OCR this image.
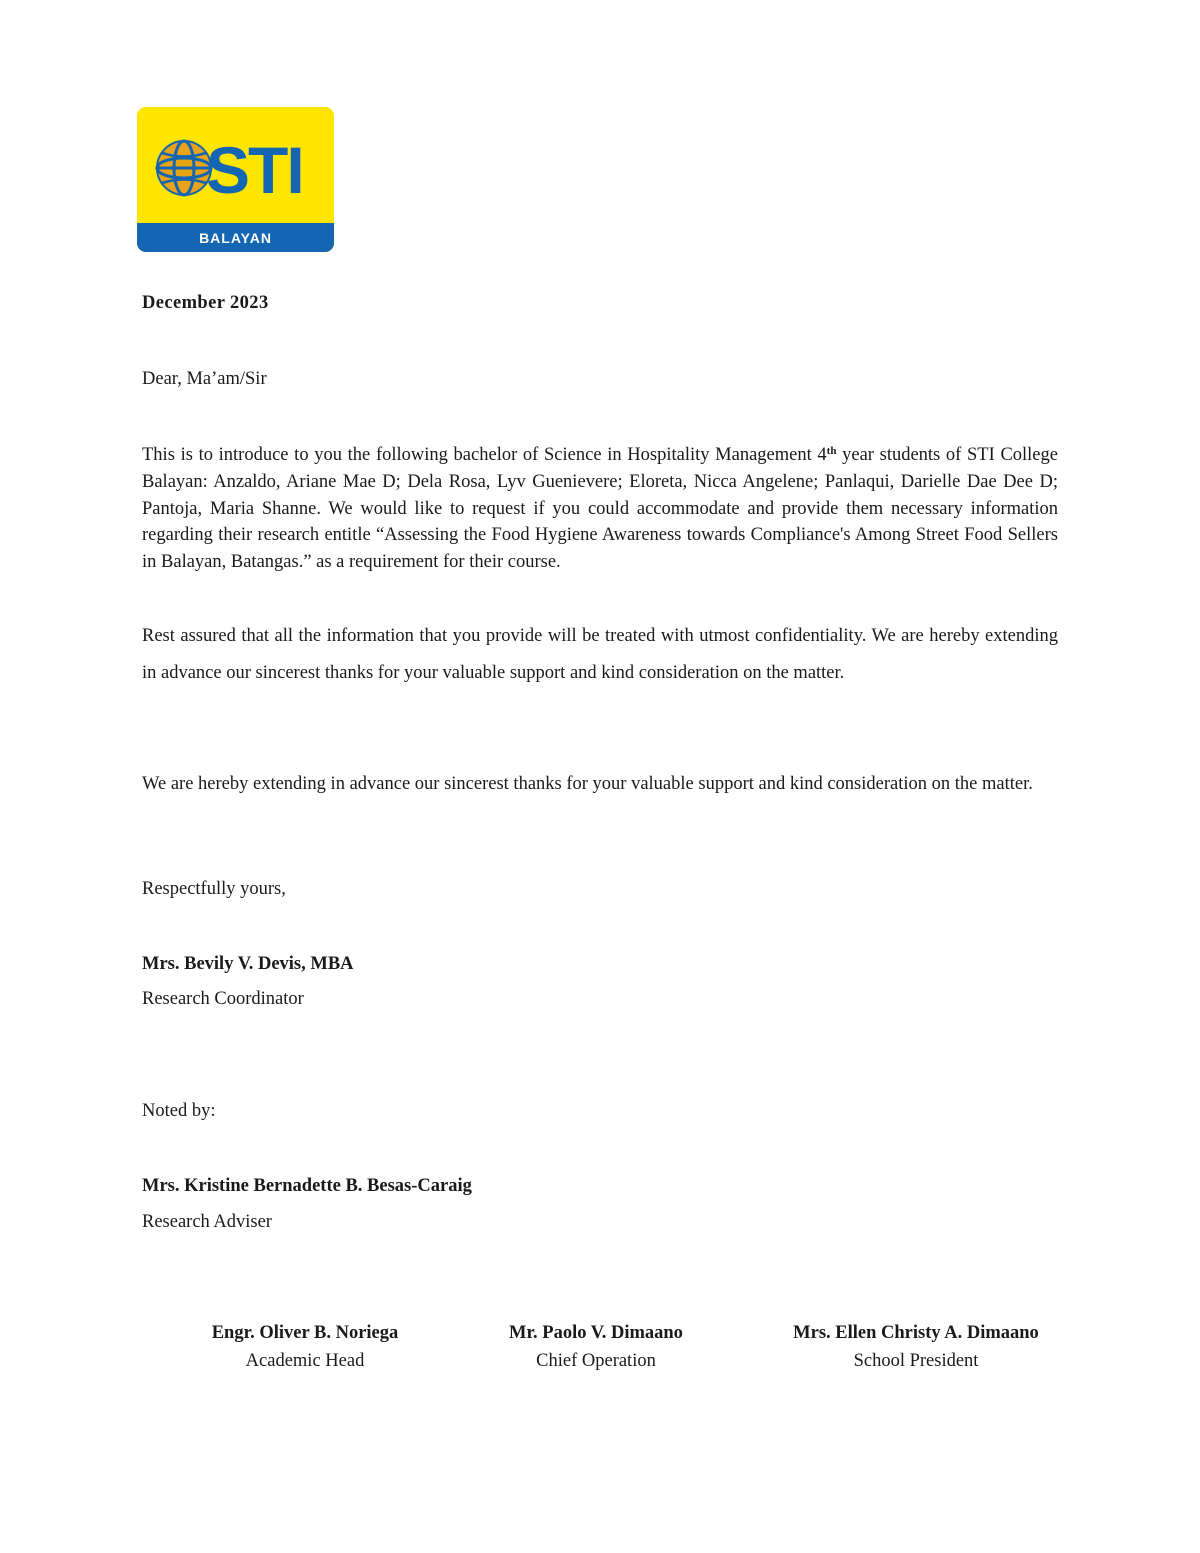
STI
BALAYAN
December 2023
Dear, Ma’am/Sir
This is to introduce to you the following bachelor of Science in Hospitality Management 4th year students of STI College Balayan: Anzaldo, Ariane Mae D; Dela Rosa, Lyv Gueniever​e; Eloreta, Nicca Angelene; Panlaqui, Darielle Dae Dee D; Pantoja, Maria Shanne. We would like to request if you could accommodate and provide them necessary information regarding their research entitle “Assessing the Food Hygiene Awareness towards Compliance's Among Street Food Sellers in Balayan, Batangas.” as a requirement for their course.
Rest assured that all the information that you provide will be treated with utmost confidentiality. We are hereby extending in advance our sincerest thanks for your valuable support and kind consideration on the matter.
We are hereby extending in advance our sincerest thanks for your valuable support and kind consideration on the matter.
Respectfully yours,
Mrs. Bevily V. Devis, MBA
Research Coordinator
Noted by:
Mrs. Kristine Bernadette B. Besas-Caraig
Research Adviser
Engr. Oliver B. Noriega
Academic Head
Mr. Paolo V. Dimaano
Chief Operation
Mrs. Ellen Christy A. Dimaano
School President
